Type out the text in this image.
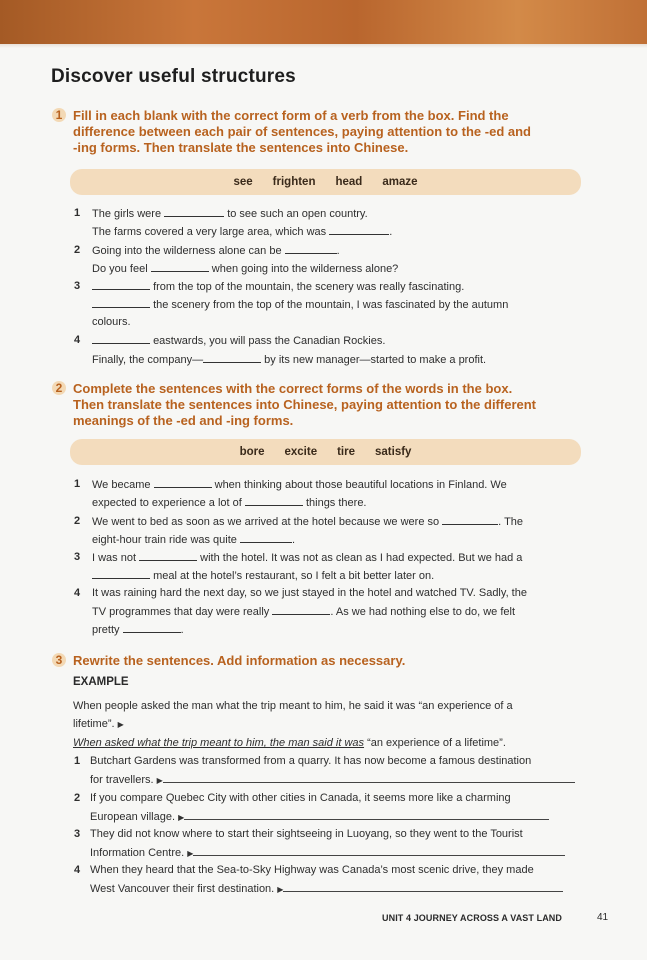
Discover useful structures
1 Fill in each blank with the correct form of a verb from the box. Find the
difference between each pair of sentences, paying attention to the -ed and
-ing forms. Then translate the sentences into Chinese.
see frighten head amaze
1 The girls were	to see such an open country.
The farms covered a very large area, which was	.
2 Going into the wilderness alone can be	.
Do you feel	when going into the wilderness alone?
3	from the top of the mountain, the scenery was really fascinating.
the scenery from the top of the mountain, I was fascinated by the autumn
colours.
4	eastwards, you will pass the Canadian Rockies.
Finally, the company—	by its new manager—started to make a profit.
2 Complete the sentences with the correct forms of the words in the box.
Then translate the sentences into Chinese, paying attention to the different
meanings of the -ed and -ing forms.
bore excite tire satisfy
1 We became	when thinking about those beautiful locations in Finland. We
expected to experience a lot of	things there.
2 We went to bed as soon as we arrived at the hotel because we were so	. The
eight-hour train ride was quite	.
3 I was not	with the hotel. It was not as clean as I had expected. But we had a
meal at the hotel’s restaurant, so I felt a bit better later on.
4 It was raining hard the next day, so we just stayed in the hotel and watched TV. Sadly, the
TV programmes that day were really	. As we had nothing else to do, we felt
pretty	.
3 Rewrite the sentences. Add information as necessary.
EXAMPLE
When people asked the man what the trip meant to him, he said it was “an experience of a
lifetime”. ▶
When asked what the trip meant to him, the man said it was “an experience of a lifetime”.
1 Butchart Gardens was transformed from a quarry. It has now become a famous destination
for travellers. ▶
2 If you compare Quebec City with other cities in Canada, it seems more like a charming
European village. ▶
3 They did not know where to start their sightseeing in Luoyang, so they went to the Tourist
Information Centre. ▶
4 When they heard that the Sea-to-Sky Highway was Canada’s most scenic drive, they made
West Vancouver their first destination. ▶
UNIT 4 JOURNEY ACROSS A VAST LAND	41
